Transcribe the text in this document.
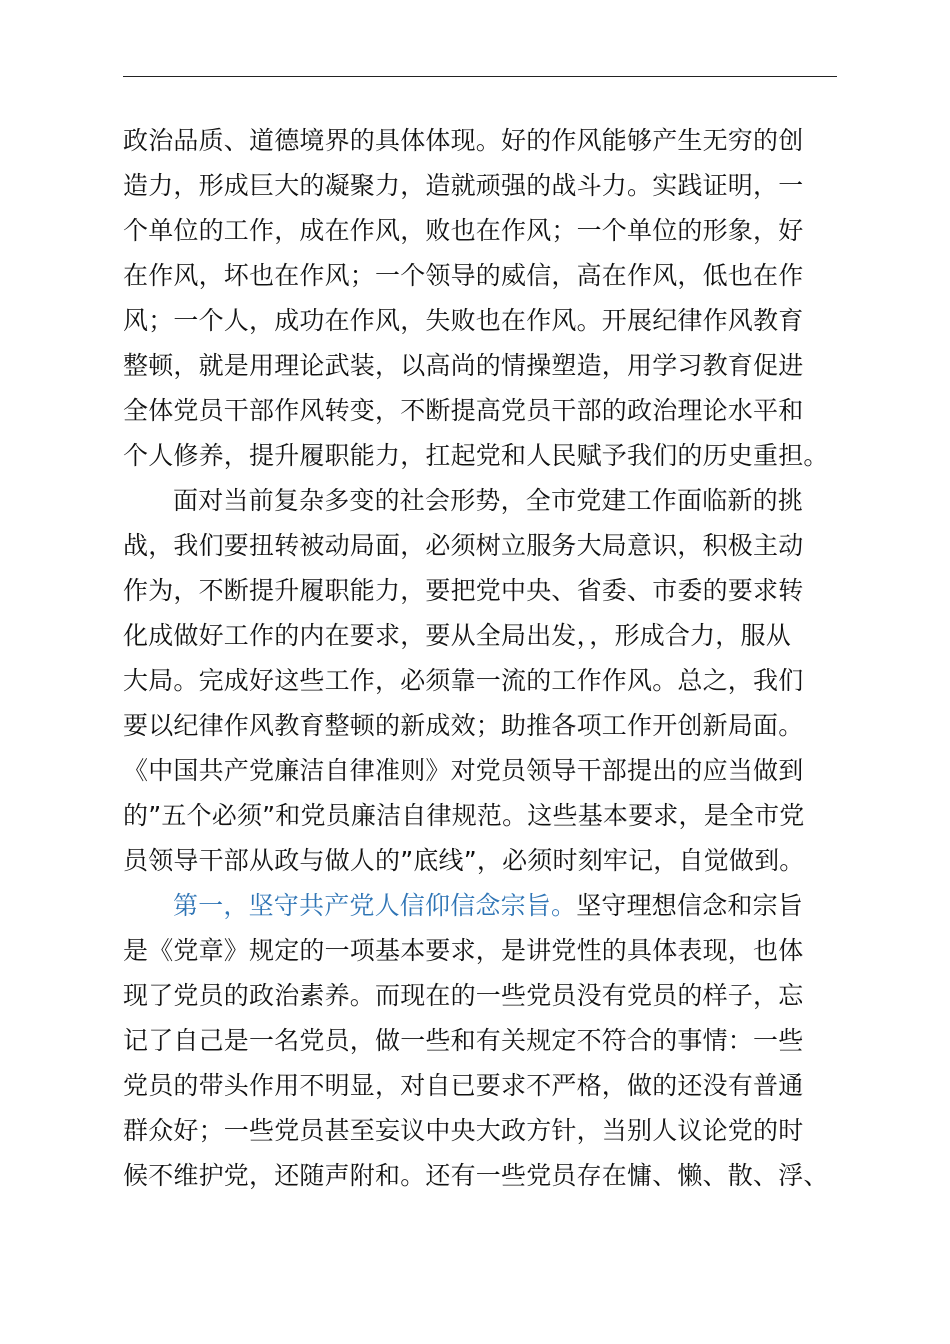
政治品质、道德境界的具体体现。好的作风能够产生无穷的创
造力，形成巨大的凝聚力，造就顽强的战斗力。实践证明，一
个单位的工作，成在作风，败也在作风；一个单位的形象，好
在作风，坏也在作风；一个领导的威信，高在作风，低也在作
风；一个人，成功在作风，失败也在作风。开展纪律作风教育
整顿，就是用理论武装，以高尚的情操塑造，用学习教育促进
全体党员干部作风转变，不断提高党员干部的政治理论水平和
个人修养，提升履职能力，扛起党和人民赋予我们的历史重担。
面对当前复杂多变的社会形势，全市党建工作面临新的挑
战，我们要扭转被动局面，必须树立服务大局意识，积极主动
作为，不断提升履职能力，要把党中央、省委、市委的要求转
化成做好工作的内在要求，要从全局出发，，形成合力，服从
大局。完成好这些工作，必须靠一流的工作作风。总之，我们
要以纪律作风教育整顿的新成效；助推各项工作开创新局面。
《中国共产党廉洁自律准则》对党员领导干部提出的应当做到
的”五个必须”和党员廉洁自律规范。这些基本要求，是全市党
员领导干部从政与做人的”底线”，必须时刻牢记，自觉做到。
第一，坚守共产党人信仰信念宗旨。坚守理想信念和宗旨
是《党章》规定的一项基本要求，是讲党性的具体表现，也体
现了党员的政治素养。而现在的一些党员没有党员的样子，忘
记了自己是一名党员，做一些和有关规定不符合的事情：一些
党员的带头作用不明显，对自已要求不严格，做的还没有普通
群众好；一些党员甚至妄议中央大政方针，当别人议论党的时
候不维护党，还随声附和。还有一些党员存在慵、懒、散、浮、
